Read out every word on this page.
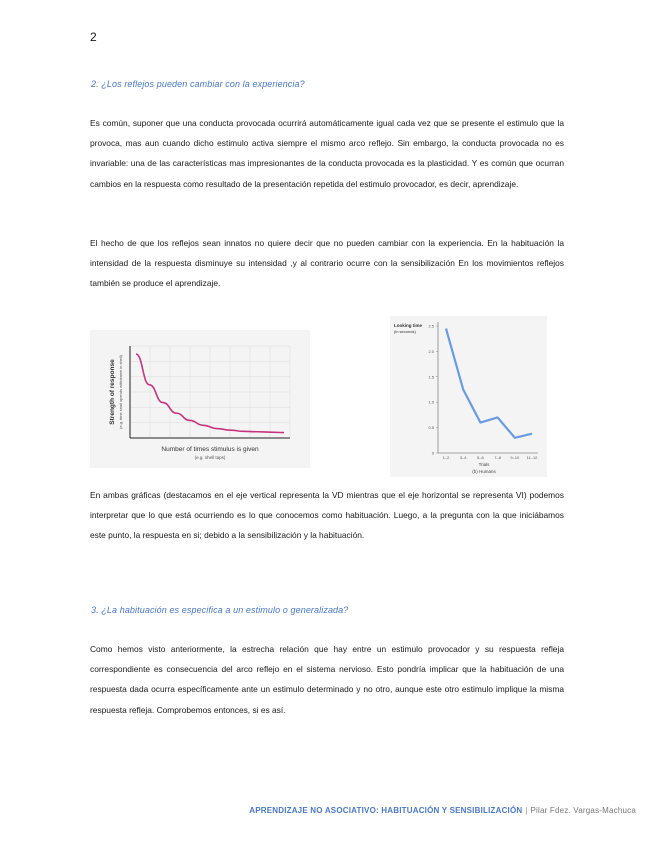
2
2. ¿Los reflejos pueden cambiar con la experiencia?

Es común, suponer que una conducta provocada ocurrirá automáticamente igual cada vez que se presente el estimulo que la provoca, mas aun cuando dicho estimulo activa siempre el mismo arco reflejo. Sin embargo, la conducta provocada no es invariable: una de las características mas impresionantes de la conducta provocada es la plasticidad. Y es común que ocurran cambios en la respuesta como resultado de la presentación repetida del estimulo provocador, es decir, aprendizaje.

El hecho de que los reflejos sean innatos no quiere decir que no pueden cambiar con la experiencia. En la habituación la intensidad de la respuesta disminuye su intensidad ,y al contrario ocurre con la sensibilización En los movimientos reflejos también se produce el aprendizaje.

Strength of response (e.g. time snail spends withdrawn in shell)
Number of times stimulus is given
(e.g. shell taps)
Looking time
(in seconds)
0
0.5
1.0
1.5
2.0
2.5
1–2	3–4	5–6	7–8 9–10 11–12
Trials
(b) Humans

En ambas gráficas (destacamos en el eje vertical representa la VD mientras que el eje horizontal se representa VI) podemos interpretar que lo que está ocurriendo es lo que conocemos como habituación. Luego, a la pregunta con la que iniciábamos este punto, la respuesta en si; debido a la sensibilización y la habituación.

3. ¿La habituación es especifica a un estimulo o generalizada?

Como hemos visto anteriormente, la estrecha relación que hay entre un estimulo provocador y su respuesta refleja correspondiente es consecuencia del arco reflejo en el sistema nervioso. Esto pondría implicar que la habituación de una respuesta dada ocurra específicamente ante un estimulo determinado y no otro, aunque este otro estimulo implique la misma respuesta refleja. Comprobemos entonces, si es así.

APRENDIZAJE NO ASOCIATIVO: HABITUACIÓN Y SENSIBILIZACIÓN | Pilar Fdez. Vargas-Machuca
